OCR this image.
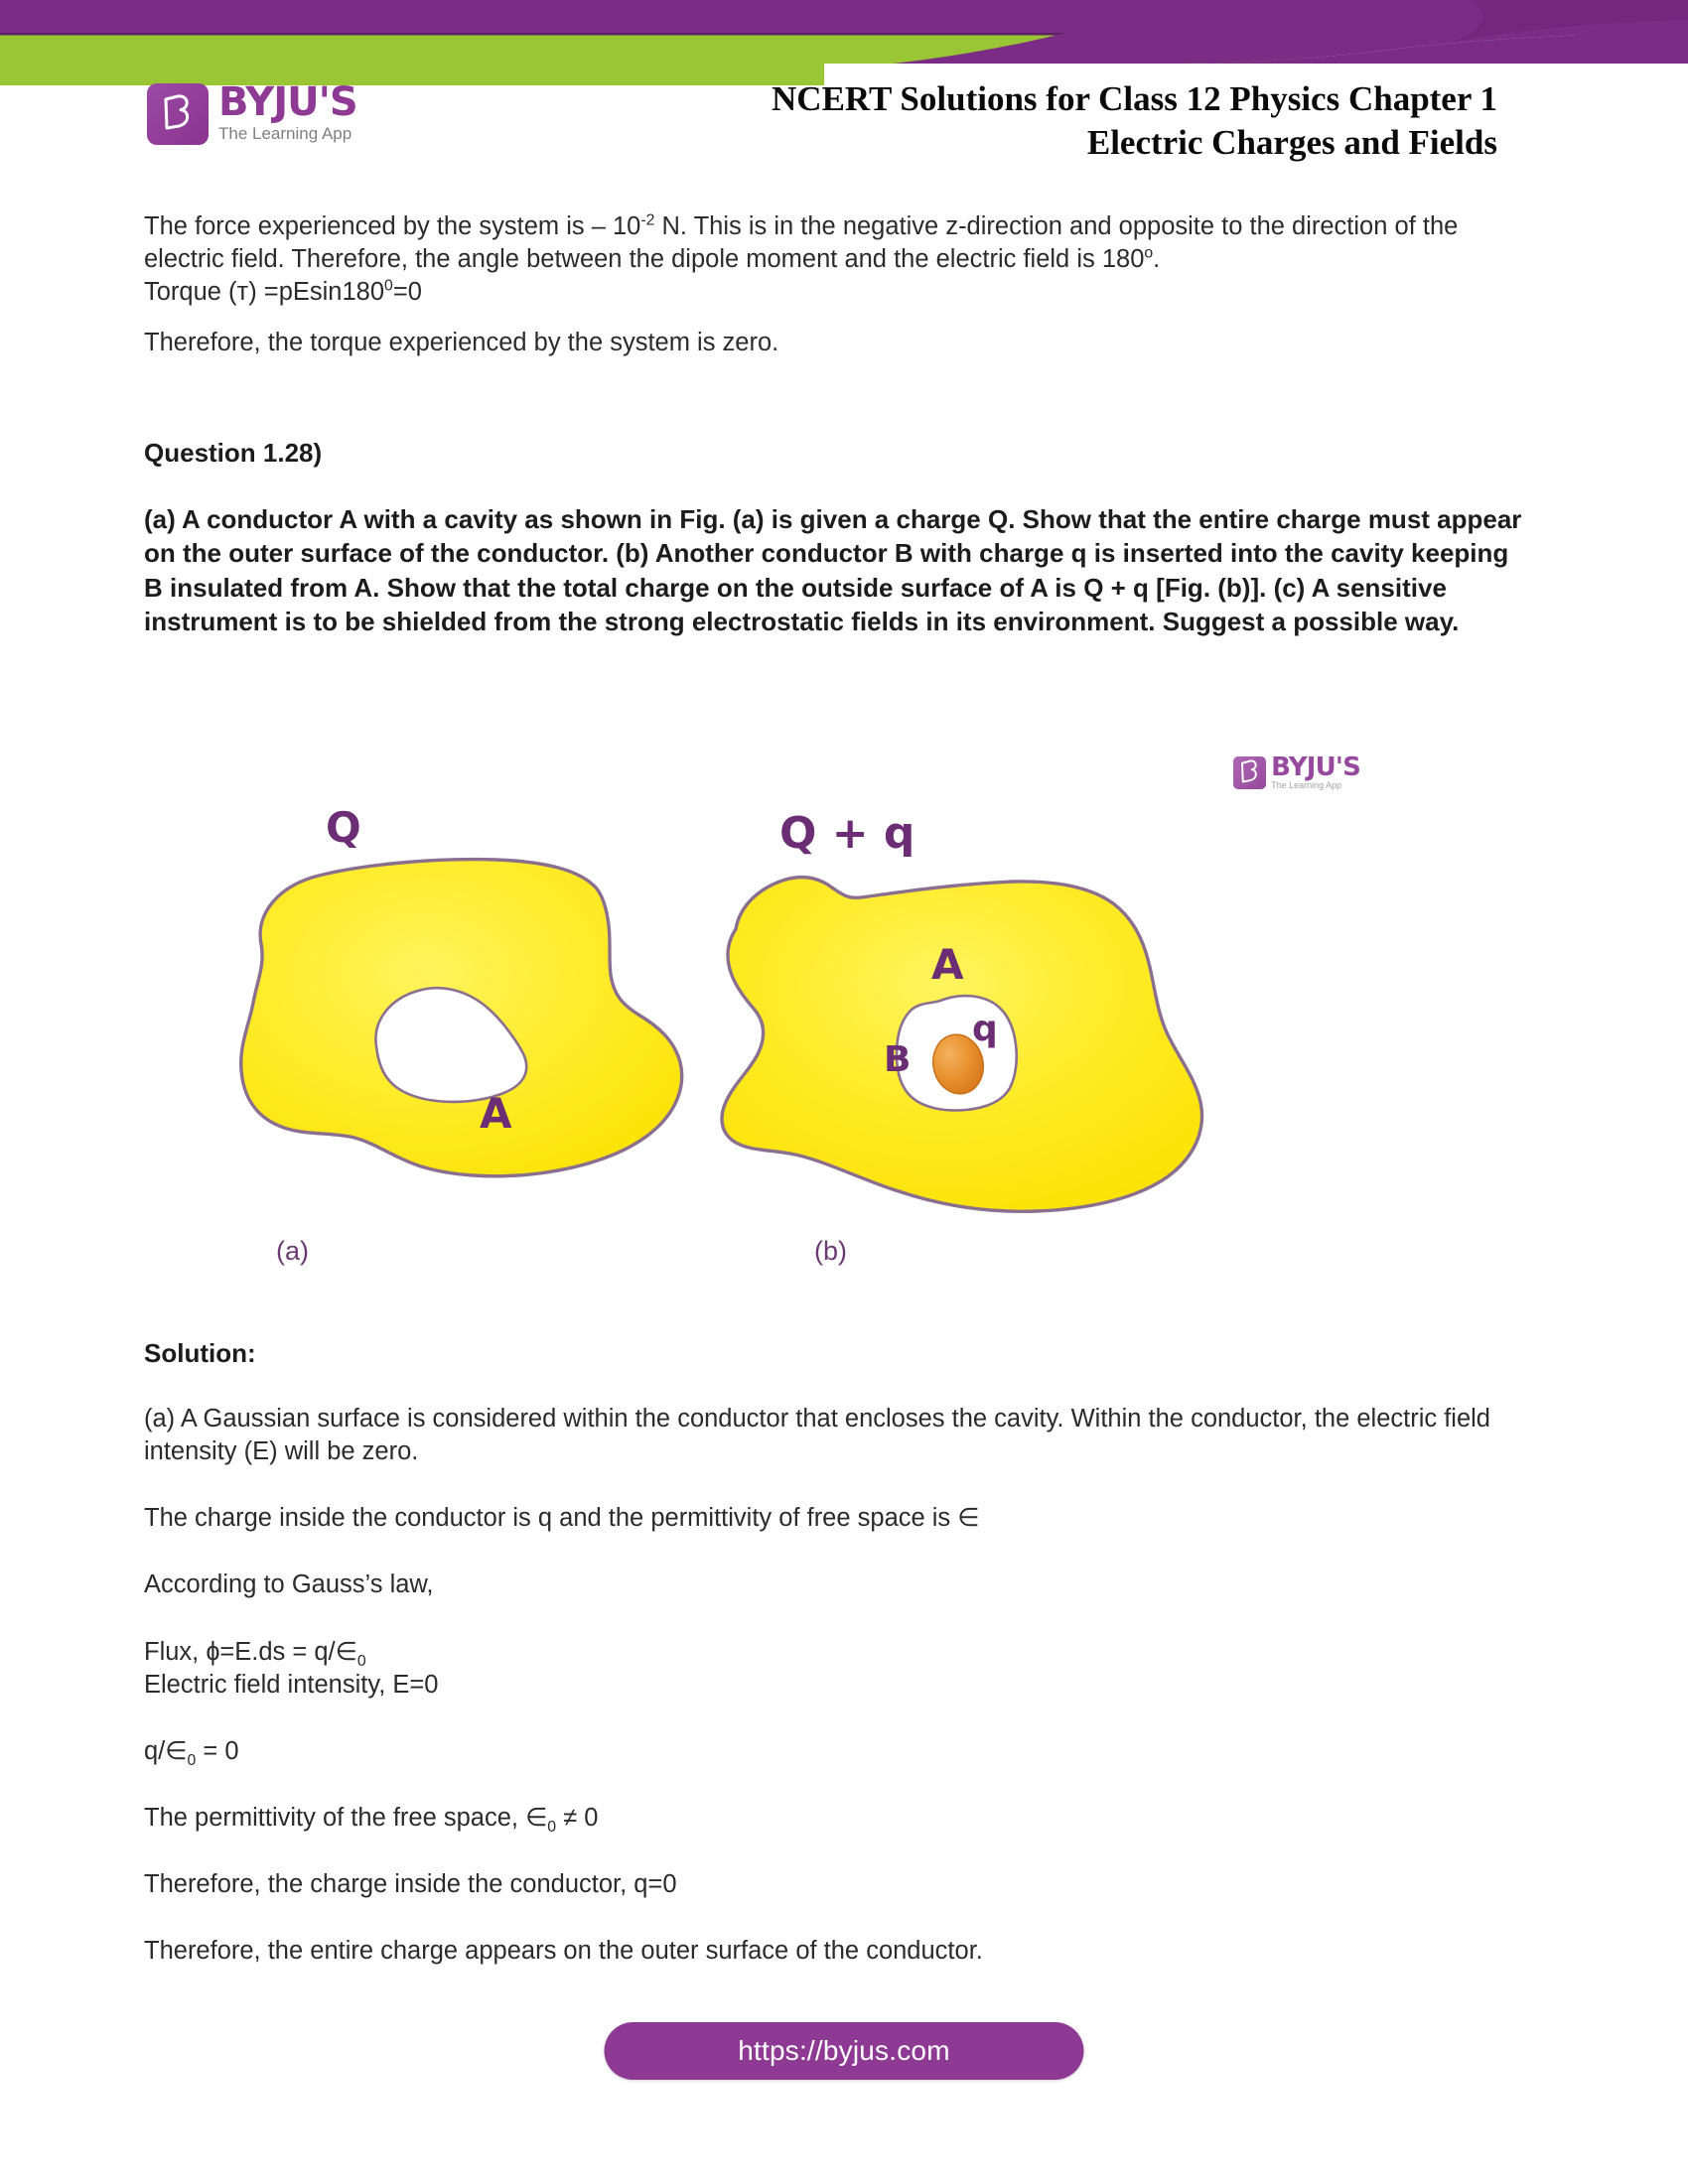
BYJU'S
The Learning App
NCERT Solutions for Class 12 Physics Chapter 1
Electric Charges and Fields

The force experienced by the system is – $10^{-2}$ N. This is in the negative z-direction and opposite to the direction of the electric field. Therefore, the angle between the dipole moment and the electric field is 180$^o$.

Torque $(т) =pEsin180^0=0$

Therefore, the torque experienced by the system is zero.

Question 1.28)

(a) A conductor A with a cavity as shown in Fig. (a) is given a charge Q. Show that the entire charge must appear on the outer surface of the conductor. (b) Another conductor B with charge q is inserted into the cavity keeping B insulated from A. Show that the total charge on the outside surface of A is Q + q [Fig. (b)]. (c) A sensitive instrument is to be shielded from the strong electrostatic fields in its environment. Suggest a possible way.

BYJU'S
The Learning App
Q
A
Q + q
A
B
q
(a)	(b)

Solution:

(a) A Gaussian surface is considered within the conductor that encloses the cavity. Within the conductor, the electric field intensity (E) will be zero.

The charge inside the conductor is q and the permittivity of free space is ∈

According to Gauss’s law,

Flux, ɸ=E.ds = $q/\in_0$

Electric field intensity, E=0

$q/\in_0 = 0$

The permittivity of the free space, $\in_0 \ne 0$

Therefore, the charge inside the conductor, q=0

Therefore, the entire charge appears on the outer surface of the conductor.

https://byjus.com
